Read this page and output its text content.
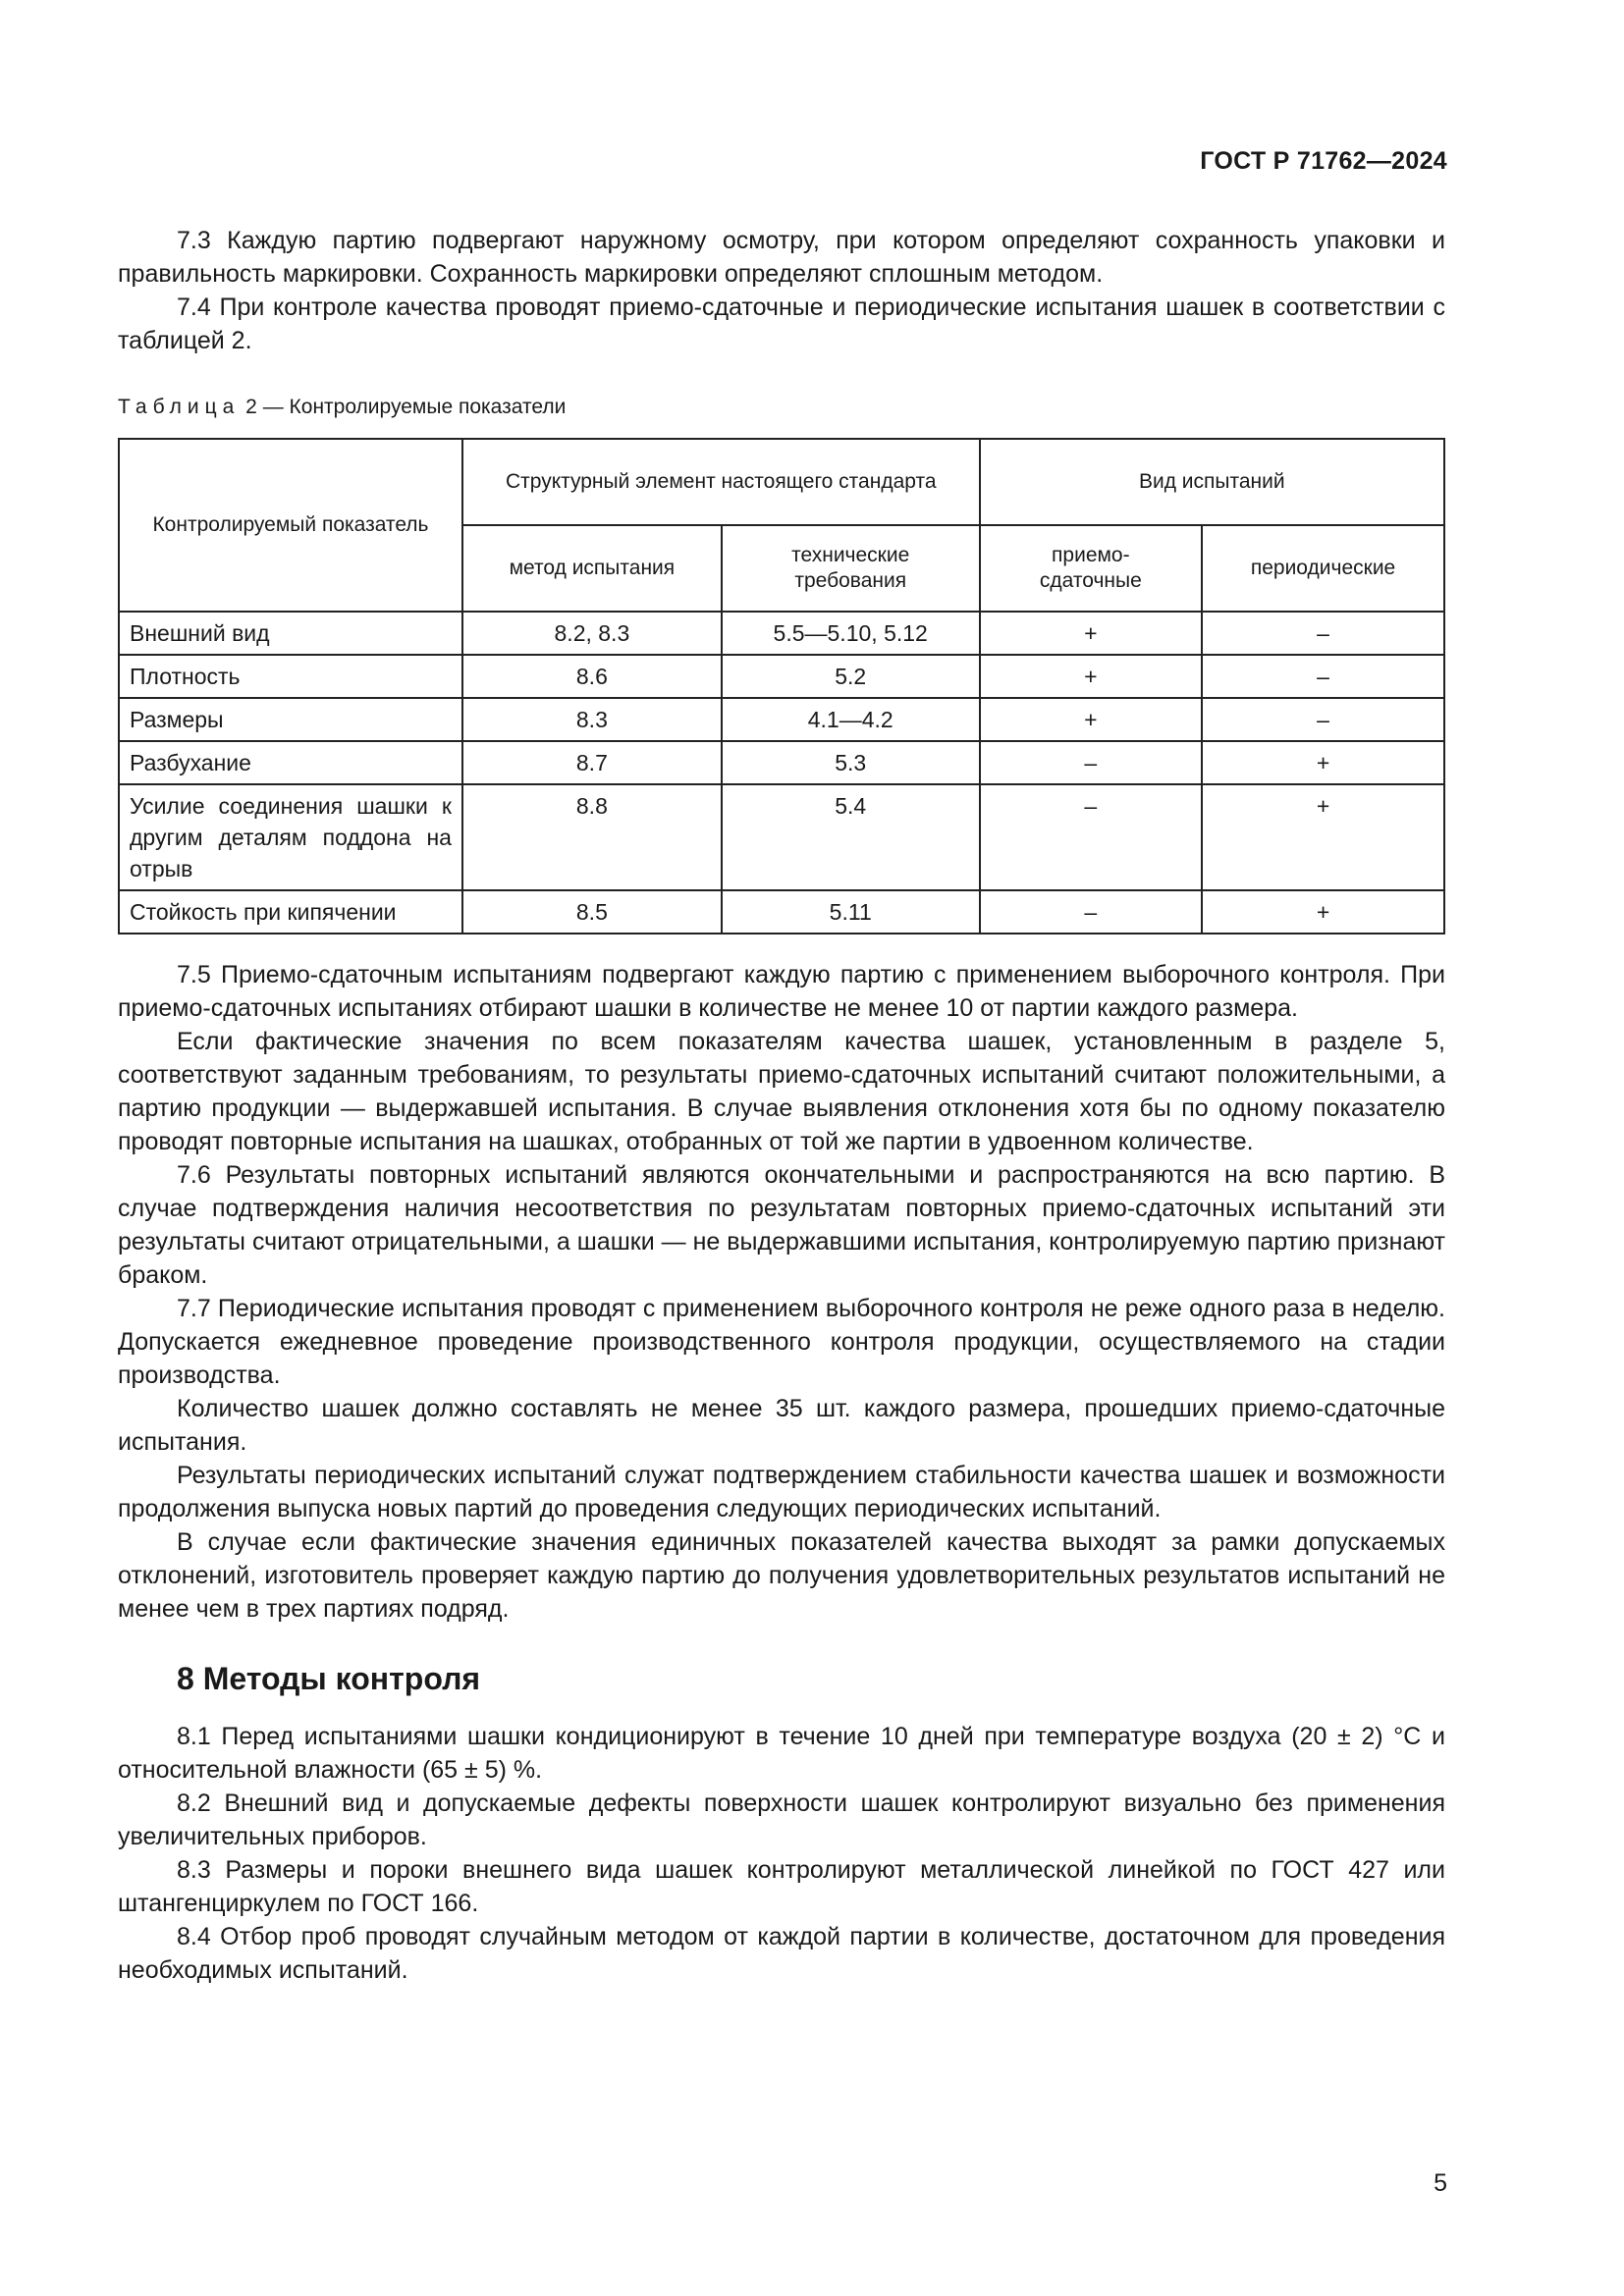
ГОСТ Р 71762—2024

7.3 Каждую партию подвергают наружному осмотру, при котором определяют сохранность упаковки и правильность маркировки. Сохранность маркировки определяют сплошным методом.

7.4 При контроле качества проводят приемо-сдаточные и периодические испытания шашек в соответствии с таблицей 2.

Таблица 2 — Контролируемые показатели
Контролируемый показатель	Структурный элемент настоящего стандарта		Вид испытаний	
	метод испытания	технические требования	приемо-сдаточные	периодические
Внешний вид	8.2, 8.3	5.5—5.10, 5.12	+	–
Плотность	8.6	5.2	+	–
Размеры	8.3	4.1—4.2	+	–
Разбухание	8.7	5.3	–	+
Усилие соединения шашки к другим деталям поддона на отрыв	8.8	5.4	–	+
Стойкость при кипячении	8.5	5.11	–	+

7.5 Приемо-сдаточным испытаниям подвергают каждую партию с применением выборочного контроля. При приемо-сдаточных испытаниях отбирают шашки в количестве не менее 10 от партии каждого размера.

Если фактические значения по всем показателям качества шашек, установленным в разделе 5, соответствуют заданным требованиям, то результаты приемо-сдаточных испытаний считают положительными, а партию продукции — выдержавшей испытания. В случае выявления отклонения хотя бы по одному показателю проводят повторные испытания на шашках, отобранных от той же партии в удвоенном количестве.

7.6 Результаты повторных испытаний являются окончательными и распространяются на всю партию. В случае подтверждения наличия несоответствия по результатам повторных приемо-сдаточных испытаний эти результаты считают отрицательными, а шашки — не выдержавшими испытания, контролируемую партию признают браком.

7.7 Периодические испытания проводят с применением выборочного контроля не реже одного раза в неделю. Допускается ежедневное проведение производственного контроля продукции, осуществляемого на стадии производства.

Количество шашек должно составлять не менее 35 шт. каждого размера, прошедших приемо-сдаточные испытания.

Результаты периодических испытаний служат подтверждением стабильности качества шашек и возможности продолжения выпуска новых партий до проведения следующих периодических испытаний.

В случае если фактические значения единичных показателей качества выходят за рамки допускаемых отклонений, изготовитель проверяет каждую партию до получения удовлетворительных результатов испытаний не менее чем в трех партиях подряд.

8 Методы контроля

8.1 Перед испытаниями шашки кондиционируют в течение 10 дней при температуре воздуха (20 ± 2) °С и относительной влажности (65 ± 5) %.

8.2 Внешний вид и допускаемые дефекты поверхности шашек контролируют визуально без применения увеличительных приборов.

8.3 Размеры и пороки внешнего вида шашек контролируют металлической линейкой по ГОСТ 427 или штангенциркулем по ГОСТ 166.

8.4 Отбор проб проводят случайным методом от каждой партии в количестве, достаточном для проведения необходимых испытаний.

5
